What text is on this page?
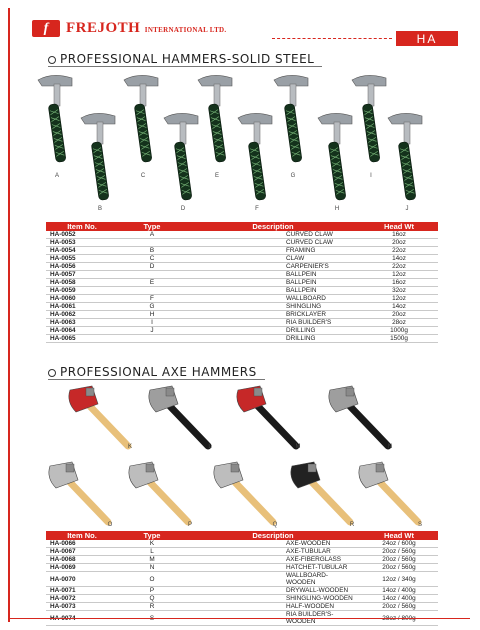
f FREJOTH INTERNATIONAL LTD.
HA
PROFESSIONAL HAMMERS-SOLID STEEL
A
B
C
D
E
F
G
H
I
J
Item No.	Type	Description	Head Wt
HA-0052	A	CURVED CLAW	16oz
HA-0053		CURVED CLAW	20oz
HA-0054	B	FRAMING	22oz
HA-0055	C	CLAW	14oz
HA-0056	D	CARPENIER'S	22oz
HA-0057		BALLPEIN	12oz
HA-0058	E	BALLPEIN	16oz
HA-0059		BALLPEIN	32oz
HA-0060	F	WALLBOARD	12oz
HA-0061	G	SHINGLING	14oz
HA-0062	H	BRICKLAYER	20oz
HA-0063	I	RIA BUILDER'S	28oz
HA-0064	J	DRILLING	1000g
HA-0065		DRILLING	1500g
PROFESSIONAL AXE HAMMERS
K	L	M	N
O	P	Q	R	S
Item No.	Type	Description	Head Wt
HA-0066	K	AXE-WOODEN	24oz / 600g
HA-0067	L	AXE-TUBULAR	20oz / 560g
HA-0068	M	AXE-FIBERGLASS	20oz / 560g
HA-0069	N	HATCHET-TUBULAR	20oz / 560g
HA-0070	O	WALLBOARD-WOODEN	12oz / 340g
HA-0071	P	DRYWALL-WOODEN	14oz / 400g
HA-0072	Q	SHINGLING-WOODEN	14oz / 400g
HA-0073	R	HALF-WOODEN	20oz / 560g
HA-0074	S	RIA BUILDER'S-WOODEN	28oz / 800g
